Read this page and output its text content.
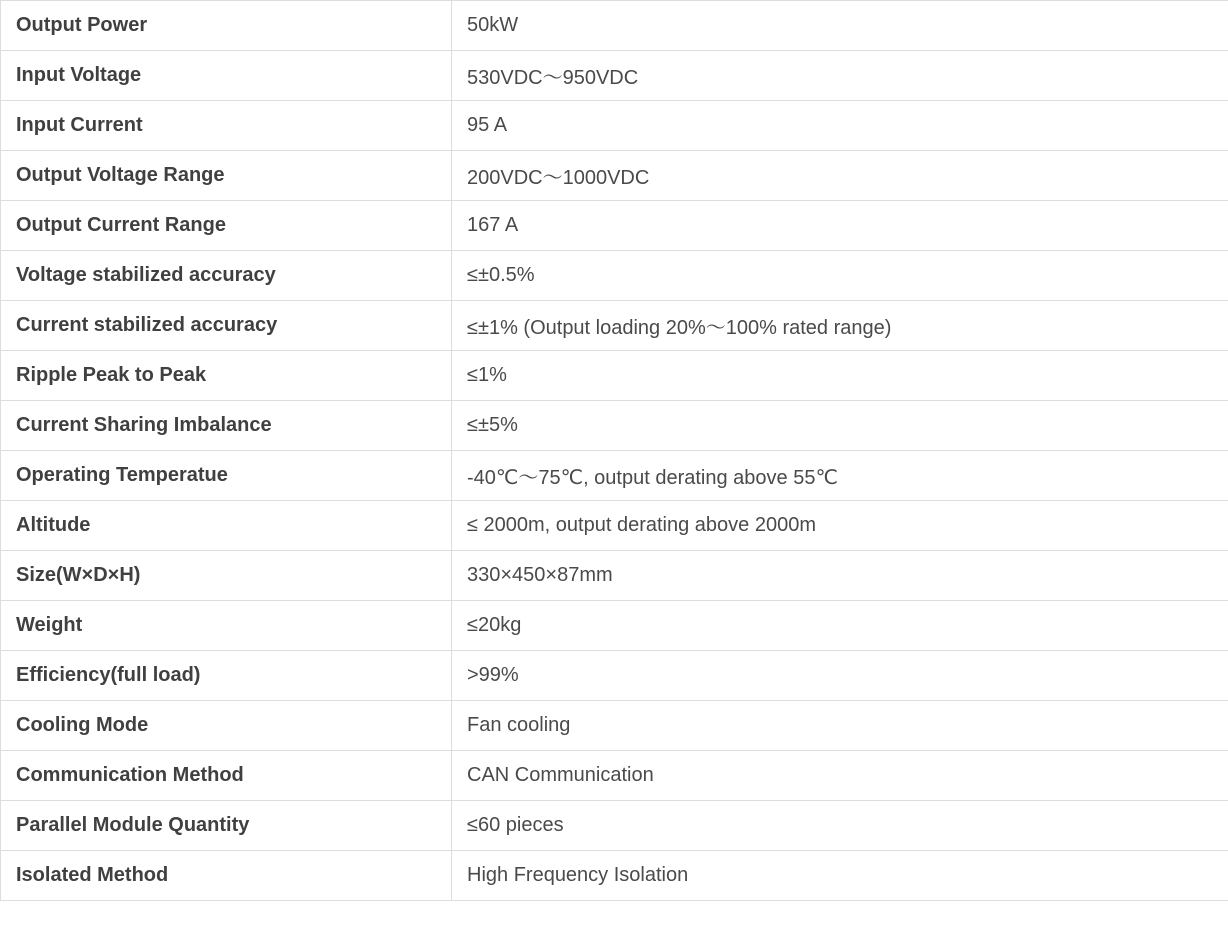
Output Power	50kW
Input Voltage	530VDC～950VDC
Input Current	95 A
Output Voltage Range	200VDC～1000VDC
Output Current Range	167 A
Voltage stabilized accuracy	≤±0.5%
Current stabilized accuracy	≤±1% (Output loading 20%～100% rated range)
Ripple Peak to Peak	≤1%
Current Sharing Imbalance	≤±5%
Operating Temperatue	-40℃～75℃, output derating above 55℃
Altitude	≤ 2000m, output derating above 2000m
Size(W×D×H)	330×450×87mm
Weight	≤20kg
Efficiency(full load)	>99%
Cooling Mode	Fan cooling
Communication Method	CAN Communication
Parallel Module Quantity	≤60 pieces
Isolated Method	High Frequency Isolation
